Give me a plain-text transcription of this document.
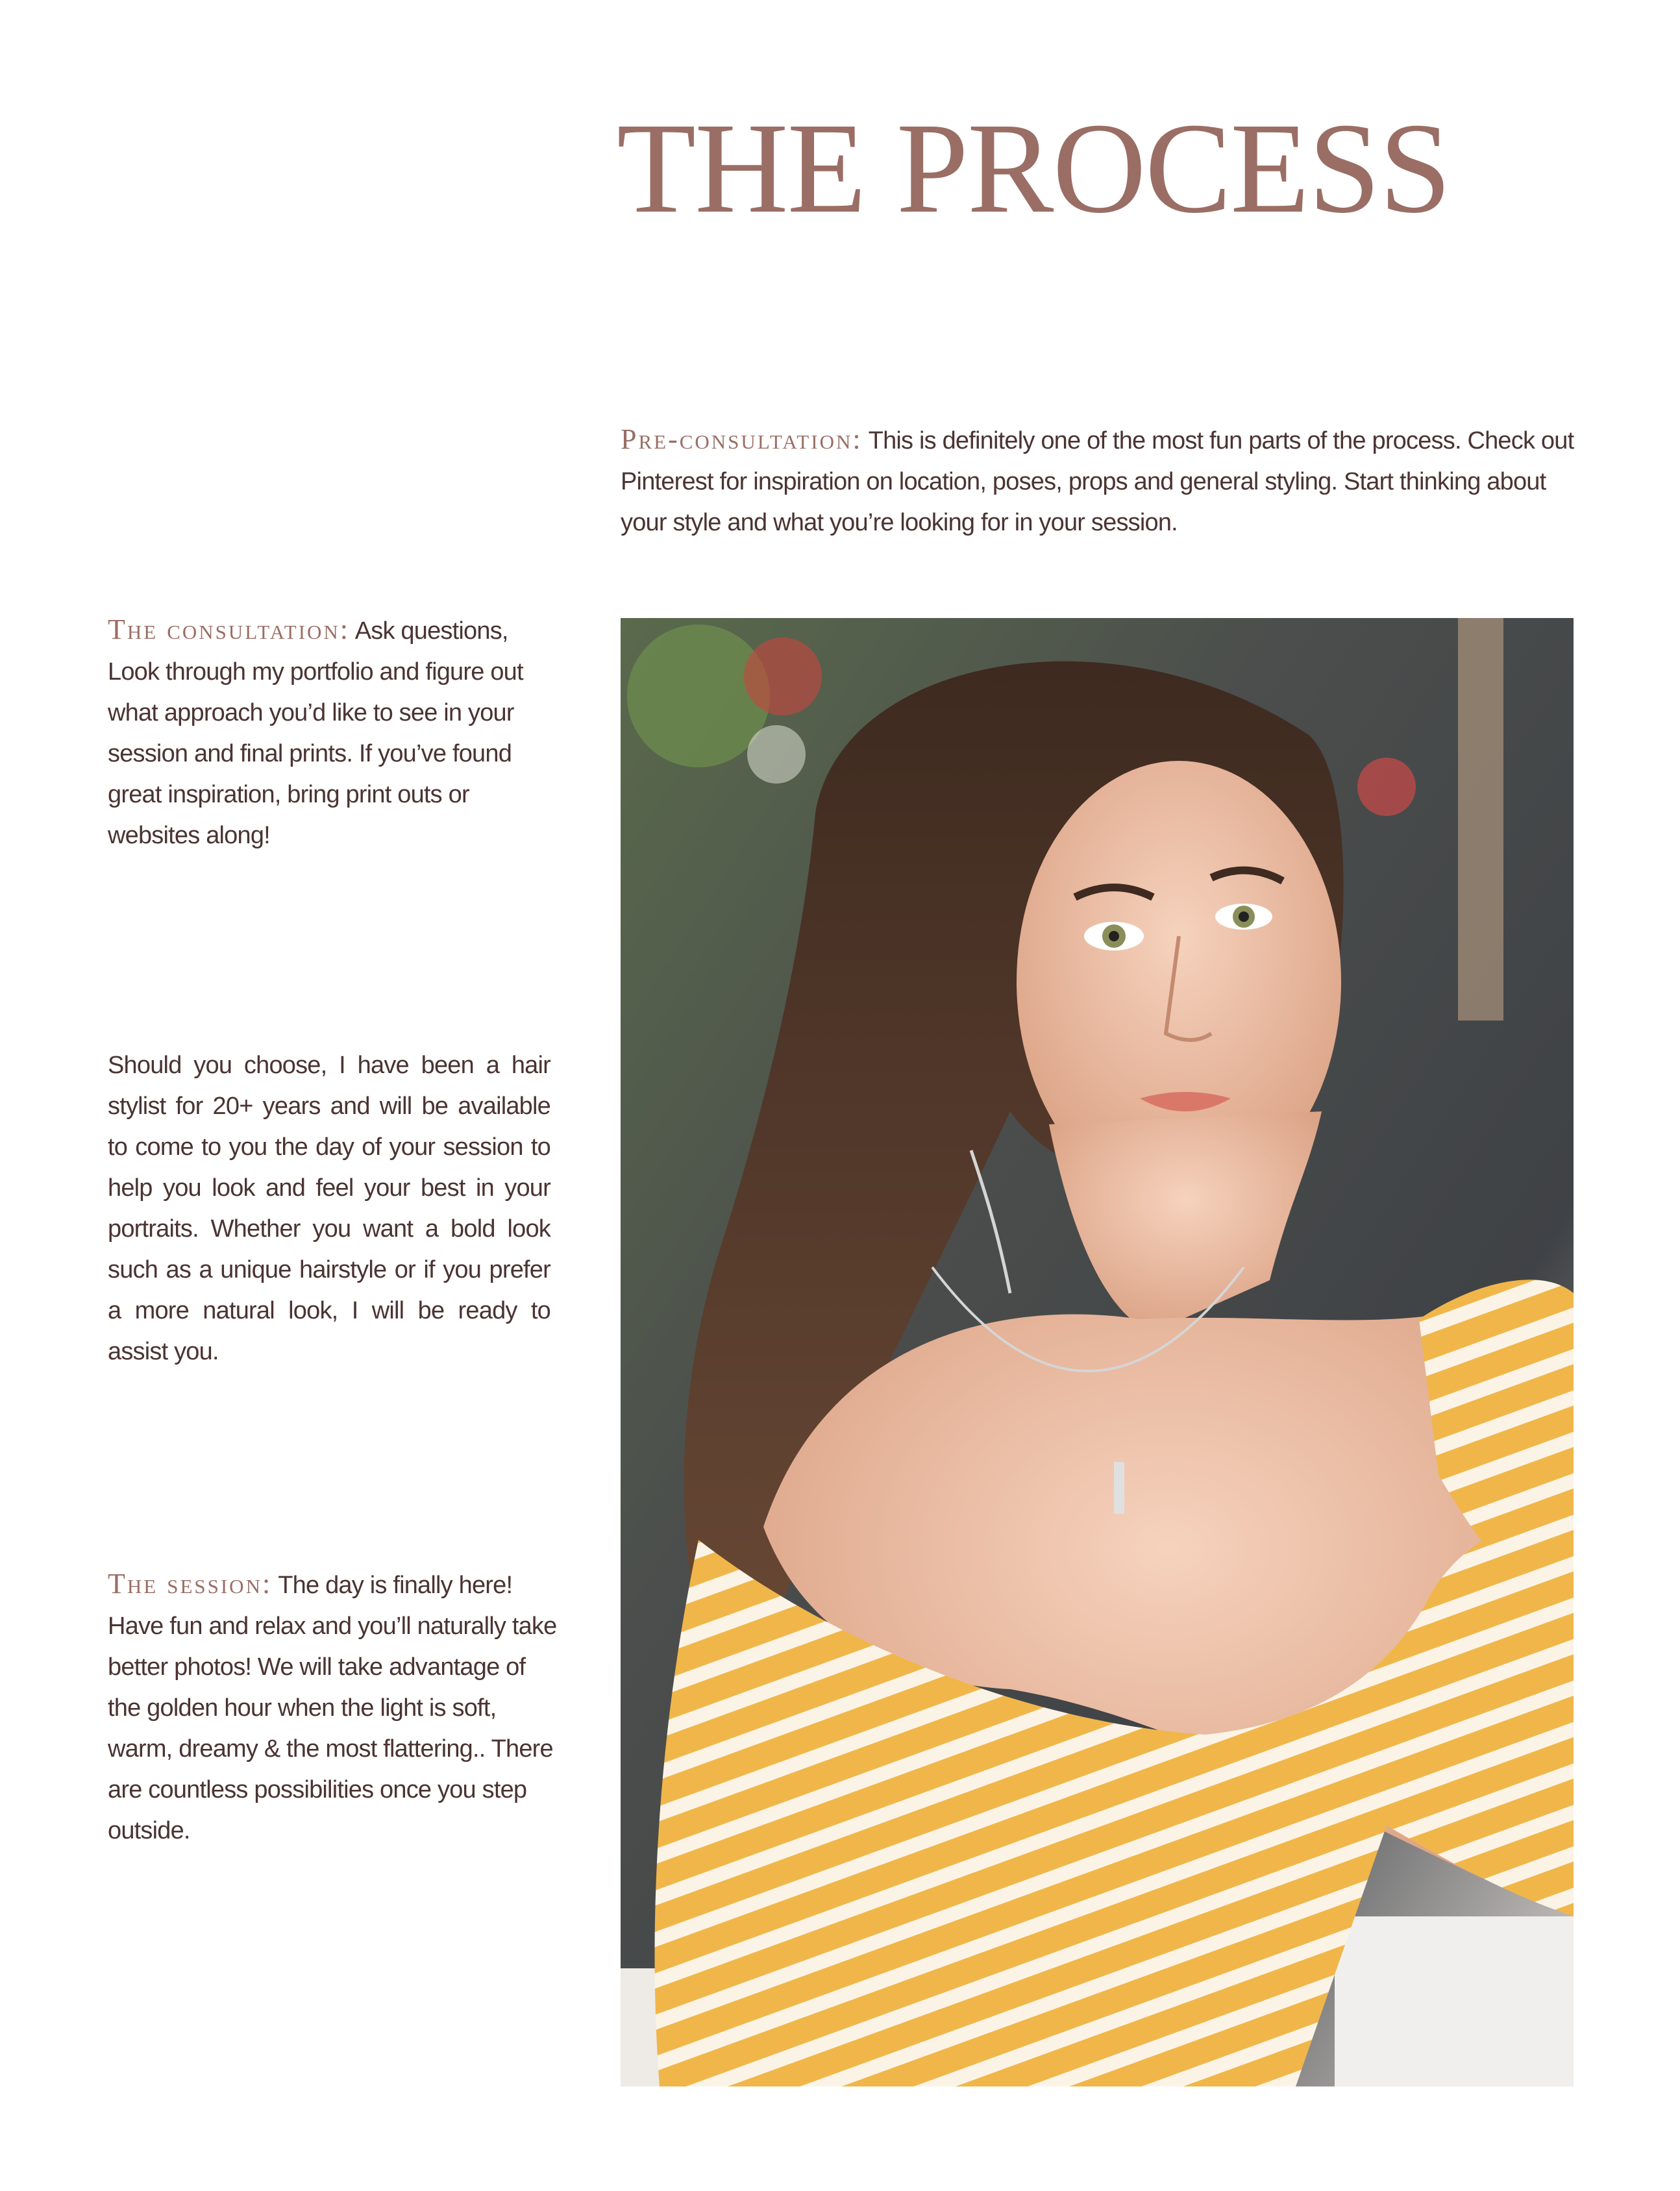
THE PROCESS

Pre-consultation: This is definitely one of the most fun parts of the process. Check out Pinterest for inspiration on location, poses, props and general styling. Start thinking about your style and what you’re looking for in your session.

The consultation: Ask questions, Look through my portfolio and figure out what approach you’d like to see in your session and final prints. If you’ve found great inspiration, bring print outs or websites along!

Should you choose, I have been a hair stylist for 20+ years and will be available to come to you the day of your session to help you look and feel your best in your portraits. Whether you want a bold look such as a unique hairstyle or if you prefer a more natural look, I will be ready to assist you.

The session: The day is finally here! Have fun and relax and you’ll naturally take better photos! We will take advantage of the golden hour when the light is soft, warm, dreamy & the most flattering.. There are countless possibilities once you step outside.
